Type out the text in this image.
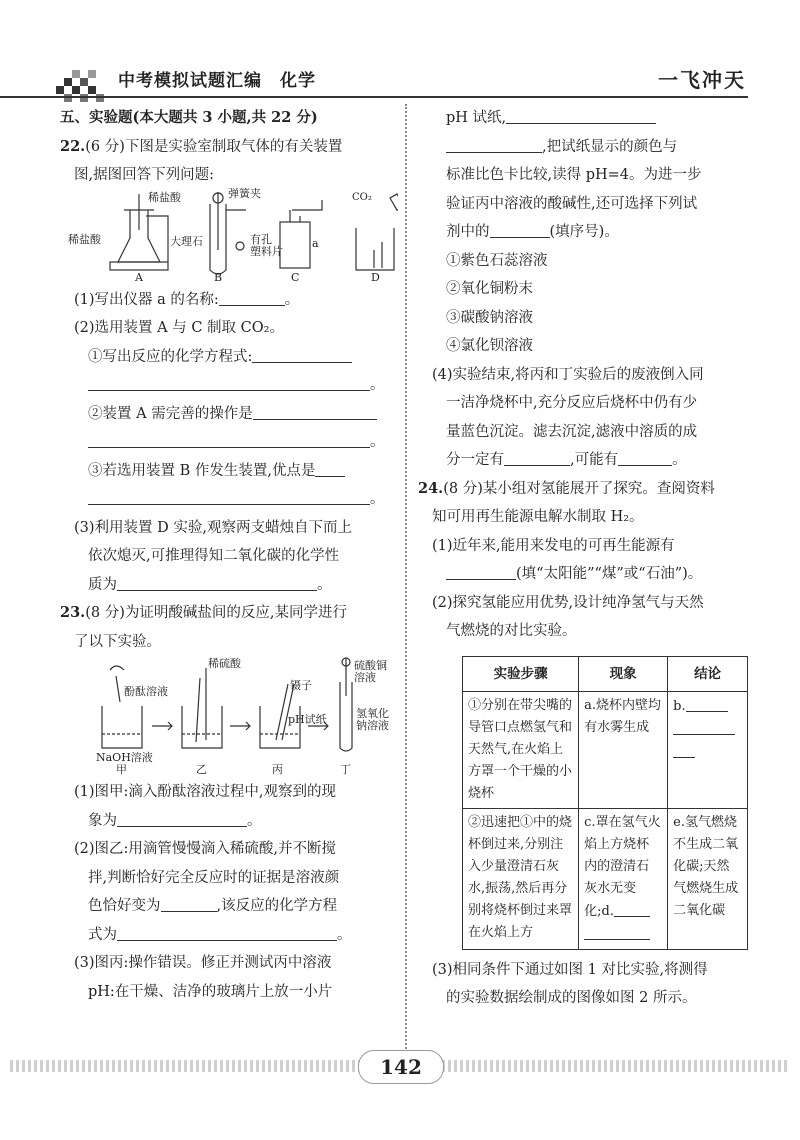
中考模拟试题汇编　化学	一飞冲天
五、实验题(本大题共 3 小题,共 22 分)
22.(6 分)下图是实验室制取气体的有关装置
图,据图回答下列问题:
稀盐酸	弹簧夹
稀盐酸	大理石	有孔
塑料片
a
CO₂
A	B	C	D
(1)写出仪器 a 的名称:	。
(2)选用装置 A 与 C 制取 CO₂。
①写出反应的化学方程式:
。
②装置 A 需完善的操作是
。
③若选用装置 B 作发生装置,优点是
。
(3)利用装置 D 实验,观察两支蜡烛自下而上
依次熄灭,可推理得知二氧化碳的化学性
质为	。
23.(8 分)为证明酸碱盐间的反应,某同学进行
了以下实验。
酚酞溶液
NaOH溶液
稀硫酸
镊子
pH试纸
硫酸铜
溶液
氢氧化
钠溶液
甲	乙	丙	丁
(1)图甲:滴入酚酞溶液过程中,观察到的现
象为	。
(2)图乙:用滴管慢慢滴入稀硫酸,并不断搅
拌,判断恰好完全反应时的证据是溶液颜
色恰好变为	,该反应的化学方程
式为	。
(3)图丙:操作错误。修正并测试丙中溶液
pH:在干燥、洁净的玻璃片上放一小片
pH 试纸,
,把试纸显示的颜色与
标准比色卡比较,读得 pH=4。为进一步
验证丙中溶液的酸碱性,还可选择下列试
剂中的	(填序号)。
①紫色石蕊溶液
②氧化铜粉末
③碳酸钠溶液
④氯化钡溶液
(4)实验结束,将丙和丁实验后的废液倒入同
一洁净烧杯中,充分反应后烧杯中仍有少
量蓝色沉淀。滤去沉淀,滤液中溶质的成
分一定有	,可能有	。
24.(8 分)某小组对氢能展开了探究。查阅资料
知可用再生能源电解水制取 H₂。
(1)近年来,能用来发电的可再生能源有
(填“太阳能”“煤”或“石油”)。
(2)探究氢能应用优势,设计纯净氢气与天然
气燃烧的对比实验。
实验步骤	现象	结论
①分别在带尖嘴的导管口点燃氢气和天然气,在火焰上方罩一个干燥的小烧杯	a.烧杯内壁均有水雾生成	b.

②迅速把①中的烧杯倒过来,分别注入少量澄清石灰水,振荡,然后再分别将烧杯倒过来罩在火焰上方	c.罩在氢气火焰上方烧杯内的澄清石灰水无变化;d.	e.氢气燃烧不生成二氧化碳;天然气燃烧生成二氧化碳
(3)相同条件下通过如图 1 对比实验,将测得
的实验数据绘制成的图像如图 2 所示。
142
